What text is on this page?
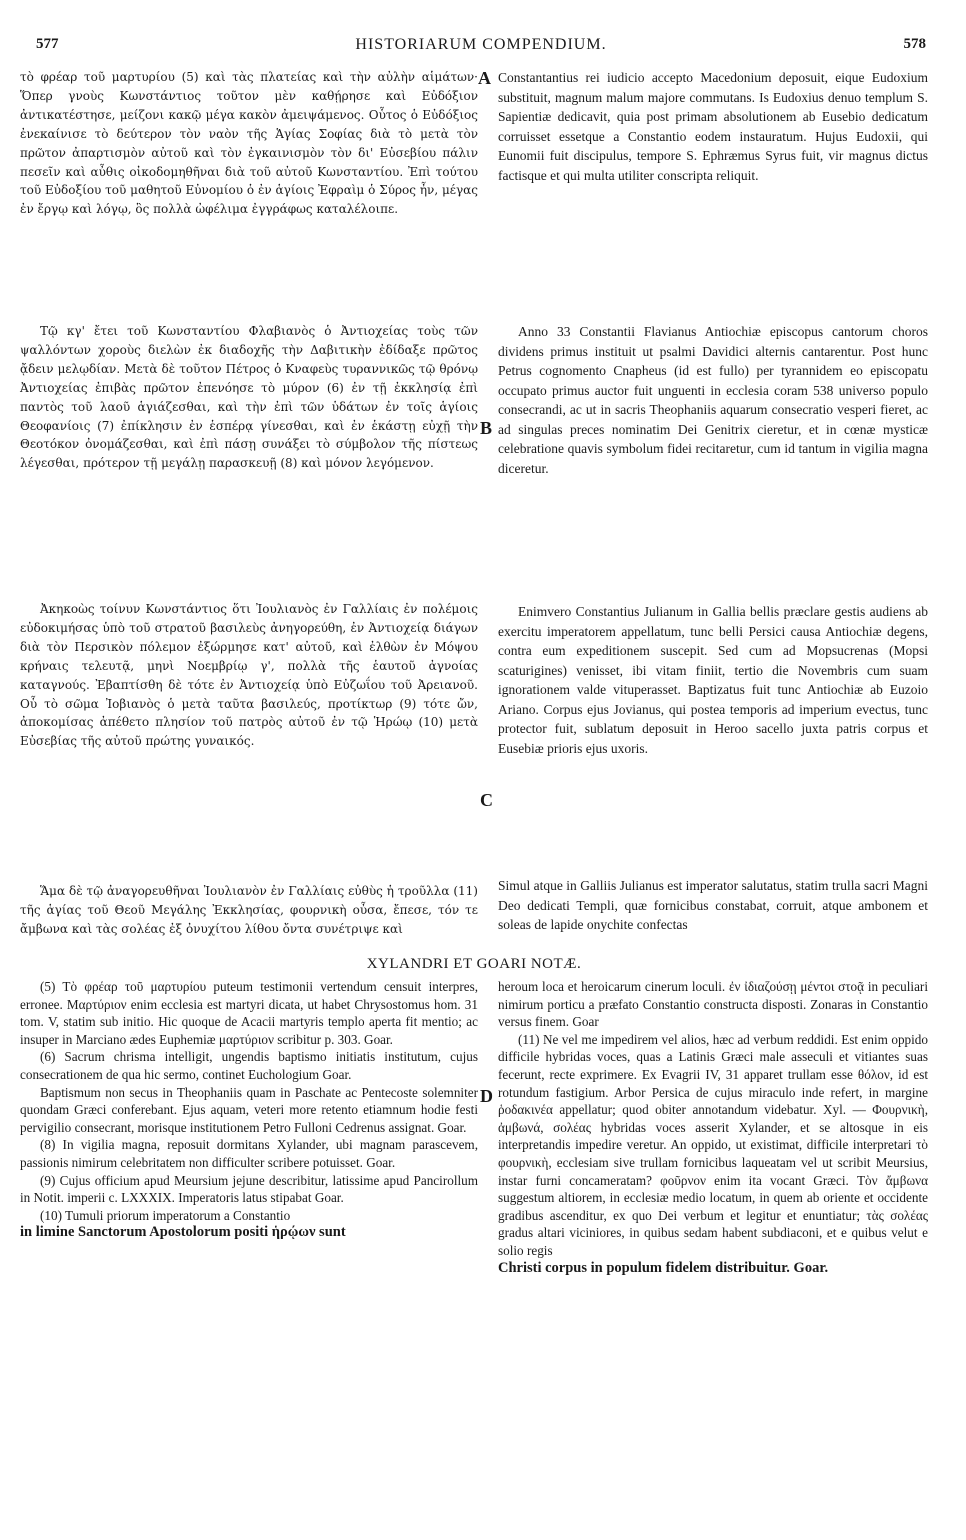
577	HISTORIARUM COMPENDIUM.	578

τὸ φρέαρ τοῦ μαρτυρίου (5) καὶ τὰς πλατείας καὶ τὴν αὐλὴν αἱμάτων· Ὅπερ γνοὺς Κωνστάντιος τοῦτον μὲν καθῄρησε καὶ Εὐδόξιον ἀντικατέστησε, μείζονι κακῷ μέγα κακὸν ἀμειψάμενος. Οὗτος ὁ Εὐδόξιος ἐνεκαίνισε τὸ δεύτερον τὸν ναὸν τῆς Ἁγίας Σοφίας διὰ τὸ μετὰ τὸν πρῶτον ἀπαρτισμὸν αὐτοῦ καὶ τὸν ἐγκαινισμὸν τὸν δι' Εὐσεβίου πάλιν πεσεῖν καὶ αὖθις οἰκοδομηθῆναι διὰ τοῦ αὐτοῦ Κωνσταντίου. Ἐπὶ τούτου τοῦ Εὐδοξίου τοῦ μαθητοῦ Εὐνομίου ὁ ἐν ἁγίοις Ἐφραὶμ ὁ Σύρος ἦν, μέγας ἐν ἔργῳ καὶ λόγῳ, ὃς πολλὰ ὠφέλιμα ἐγγράφως καταλέλοιπε.

Τῷ κγ' ἔτει τοῦ Κωνσταντίου Φλαβιανὸς ὁ Ἀντιοχείας τοὺς τῶν ψαλλόντων χοροὺς διελὼν ἐκ διαδοχῆς τὴν Δαβιτικὴν ἐδίδαξε πρῶτος ᾄδειν μελῳδίαν. Μετὰ δὲ τοῦτον Πέτρος ὁ Κναφεὺς τυραννικῶς τῷ θρόνῳ Ἀντιοχείας ἐπιβὰς πρῶτον ἐπενόησε τὸ μύρον (6) ἐν τῇ ἐκκλησίᾳ ἐπὶ παντὸς τοῦ λαοῦ ἁγιάζεσθαι, καὶ τὴν ἐπὶ τῶν ὑδάτων ἐν τοῖς ἁγίοις Θεοφανίοις (7) ἐπίκλησιν ἐν ἑσπέρᾳ γίνεσθαι, καὶ ἐν ἑκάστῃ εὐχῇ τὴν Θεοτόκον ὀνομάζεσθαι, καὶ ἐπὶ πάσῃ συνάξει τὸ σύμβολον τῆς πίστεως λέγεσθαι, πρότερον τῇ μεγάλῃ παρασκευῇ (8) καὶ μόνον λεγόμενον.

Ἀκηκοὼς τοίνυν Κωνστάντιος ὅτι Ἰουλιανὸς ἐν Γαλλίαις ἐν πολέμοις εὐδοκιμήσας ὑπὸ τοῦ στρατοῦ βασιλεὺς ἀνηγορεύθη, ἐν Ἀντιοχείᾳ διάγων διὰ τὸν Περσικὸν πόλεμον ἐξώρμησε κατ' αὐτοῦ, καὶ ἐλθὼν ἐν Μόψου κρήναις τελευτᾷ, μηνὶ Νοεμβρίῳ γ', πολλὰ τῆς ἑαυτοῦ ἀγνοίας καταγνούς. Ἐβαπτίσθη δὲ τότε ἐν Ἀντιοχείᾳ ὑπὸ Εὐζωΐου τοῦ Ἀρειανοῦ. Οὗ τὸ σῶμα Ἰοβιανὸς ὁ μετὰ ταῦτα βασιλεύς, προτίκτωρ (9) τότε ὤν, ἀποκομίσας ἀπέθετο πλησίον τοῦ πατρὸς αὐτοῦ ἐν τῷ Ἡρώῳ (10) μετὰ Εὐσεβίας τῆς αὐτοῦ πρώτης γυναικός.

Ἅμα δὲ τῷ ἀναγορευθῆναι Ἰουλιανὸν ἐν Γαλλίαις εὐθὺς ἡ τροῦλλα (11) τῆς ἁγίας τοῦ Θεοῦ Μεγάλης Ἐκκλησίας, φουρνικὴ οὖσα, ἔπεσε, τόν τε ἄμβωνα καὶ τὰς σολέας ἐξ ὀνυχίτου λίθου ὄντα συνέτριψε καὶ

A
B
C
D

Constantantius rei iudicio accepto Macedonium deposuit, eique Eudoxium substituit, magnum malum majore commutans. Is Eudoxius denuo templum S. Sapientiæ dedicavit, quia post primam absolutionem ab Eusebio dedicatum corruisset essetque a Constantio eodem instauratum. Hujus Eudoxii, qui Eunomii fuit discipulus, tempore S. Ephræmus Syrus fuit, vir magnus dictus factisque et qui multa utiliter conscripta reliquit.

Anno 33 Constantii Flavianus Antiochiæ episcopus cantorum choros dividens primus instituit ut psalmi Davidici alternis cantarentur. Post hunc Petrus cognomento Cnapheus (id est fullo) per tyrannidem eo episcopatu occupato primus auctor fuit unguenti in ecclesia coram 538 universo populo consecrandi, ac ut in sacris Theophaniis aquarum consecratio vesperi fieret, ac ad singulas preces nominatim Dei Genitrix cieretur, et in cœnæ mysticæ celebratione quavis symbolum fidei recitaretur, cum id tantum in vigilia magna diceretur.

Enimvero Constantius Julianum in Gallia bellis præclare gestis audiens ab exercitu imperatorem appellatum, tunc belli Persici causa Antiochiæ degens, contra eum expeditionem suscepit. Sed cum ad Mopsucrenas (Mopsi scaturigines) venisset, ibi vitam finiit, tertio die Novembris cum suam ignorationem valde vituperasset. Baptizatus fuit tunc Antiochiæ ab Euzoio Ariano. Corpus ejus Jovianus, qui postea temporis ad imperium evectus, tunc protector fuit, sublatum deposuit in Heroo sacello juxta patris corpus et Eusebiæ prioris ejus uxoris.

Simul atque in Galliis Julianus est imperator salutatus, statim trulla sacri Magni Deo dedicati Templi, quæ fornicibus constabat, corruit, atque ambonem et soleas de lapide onychite confectas

XYLANDRI ET GOARI NOTÆ.

(5) Τὸ φρέαρ τοῦ μαρτυρίου puteum testimonii vertendum censuit interpres, erronee. Μαρτύριον enim ecclesia est martyri dicata, ut habet Chrysostomus hom. 31 tom. V, statim sub initio. Hic quoque de Acacii martyris templo aperta fit mentio; ac insuper in Marciano ædes Euphemiæ μαρτύριον scribitur p. 303. Goar.

(6) Sacrum chrisma intelligit, ungendis baptismo initiatis institutum, cujus consecrationem de qua hic sermo, continet Euchologium Goar.

Baptismum non secus in Theophaniis quam in Paschate ac Pentecoste solemniter quondam Græci conferebant. Ejus aquam, veteri more retento etiamnum hodie festi pervigilio consecrant, morisque institutionem Petro Fulloni Cedrenus assignat. Goar.

(8) In vigilia magna, reposuit dormitans Xylander, ubi magnam parascevem, passionis nimirum celebritatem non difficulter scribere potuisset. Goar.

(9) Cujus officium apud Meursium jejune describitur, latissime apud Pancirollum in Notit. imperii c. LXXXIX. Imperatoris latus stipabat Goar.

(10) Tumuli priorum imperatorum a Constantio

in limine Sanctorum Apostolorum positi ἡρῴων sunt

heroum loca et heroicarum cinerum loculi. ἐν ἰδιαζούσῃ μέντοι στοᾷ in peculiari nimirum porticu a præfato Constantio constructa disposti. Zonaras in Constantio versus finem. Goar

(11) Ne vel me impedirem vel alios, hæc ad verbum reddidi. Est enim oppido difficile hybridas voces, quas a Latinis Græci male asseculi et vitiantes suas fecerunt, recte exprimere. Ex Evagrii IV, 31 apparet trullam esse θόλον, id est rotundum fastigium. Arbor Persica de cujus miraculo inde refert, in margine ῥοδακινέα appellatur; quod obiter annotandum videbatur. Xyl. — Φουρνικὴ, ἀμβωνά, σολέας hybridas voces asserit Xylander, et se altosque in eis interpretandis impedire veretur. An oppido, ut existimat, difficile interpretari τὸ φουρνικὴ, ecclesiam sive trullam fornicibus laqueatam vel ut scribit Meursius, instar furni concameratam? φοῦρνον enim ita vocant Græci. Τὸν ἄμβωνα suggestum altiorem, in ecclesiæ medio locatum, in quem ab oriente et occidente gradibus ascenditur, ex quo Dei verbum et legitur et enuntiatur; τὰς σολέας gradus altari viciniores, in quibus sedam habent subdiaconi, et e quibus velut e solio regis

Christi corpus in populum fidelem distribuitur. Goar.
